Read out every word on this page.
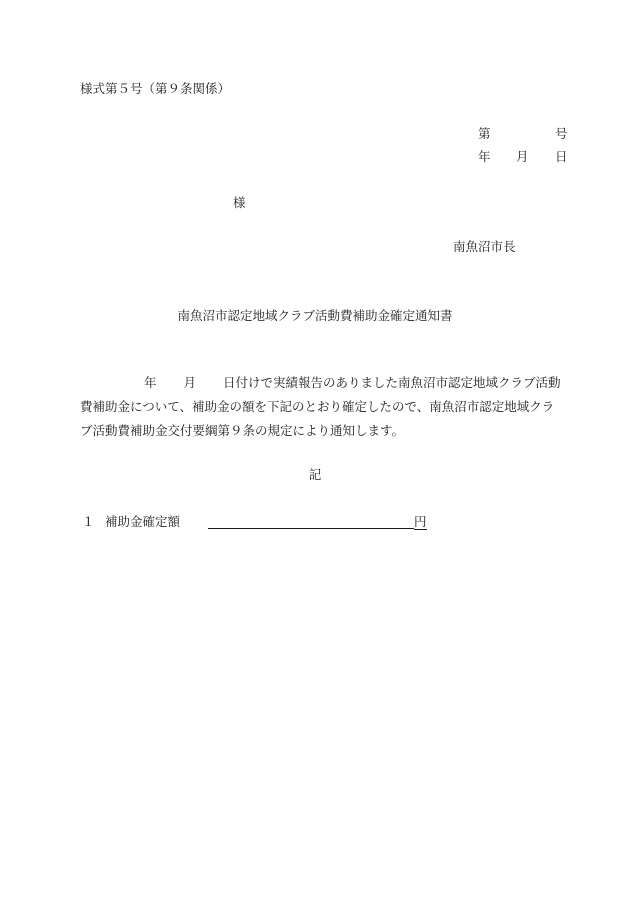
様式第５号（第９条関係）
第	号
年 月 日
様
南魚沼市長
南魚沼市認定地域クラブ活動費補助金確定通知書
年 月 日付けで実績報告のありました南魚沼市認定地域クラブ活動
費補助金について、補助金の額を下記のとおり確定したので、南魚沼市認定地域クラ
ブ活動費補助金交付要綱第９条の規定により通知します。
記
１ 補助金確定額	円
